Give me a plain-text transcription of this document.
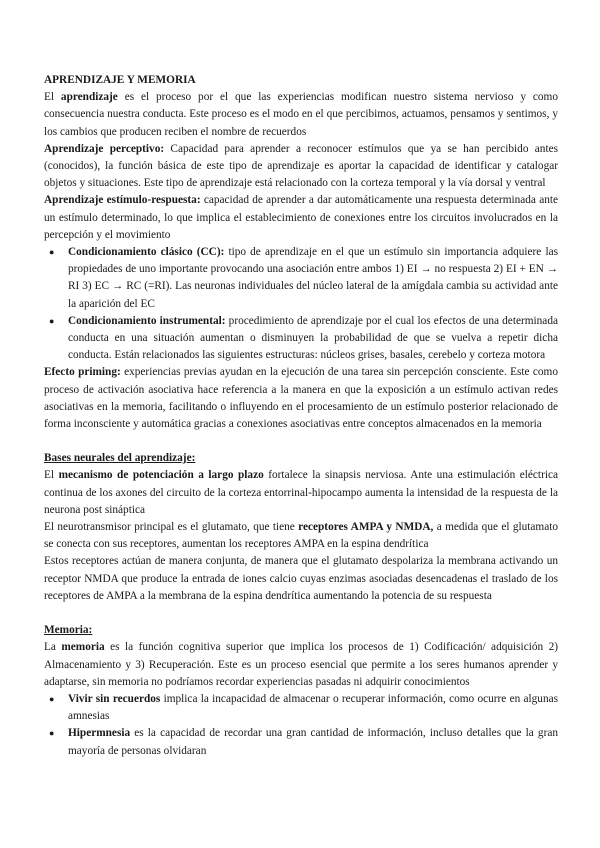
APRENDIZAJE Y MEMORIA

El aprendizaje es el proceso por el que las experiencias modifican nuestro sistema nervioso y como consecuencia nuestra conducta. Este proceso es el modo en el que percibimos, actuamos, pensamos y sentimos, y los cambios que producen reciben el nombre de recuerdos

Aprendizaje perceptivo: Capacidad para aprender a reconocer estímulos que ya se han percibido antes (conocidos), la función básica de este tipo de aprendizaje es aportar la capacidad de identificar y catalogar objetos y situaciones. Este tipo de aprendizaje está relacionado con la corteza temporal y la vía dorsal y ventral

Aprendizaje estímulo-respuesta: capacidad de aprender a dar automáticamente una respuesta determinada ante un estímulo determinado, lo que implica el establecimiento de conexiones entre los circuitos involucrados en la percepción y el movimiento

● Condicionamiento clásico (CC): tipo de aprendizaje en el que un estímulo sin importancia adquiere las propiedades de uno importante provocando una asociación entre ambos 1) EI → no respuesta 2) EI + EN → RI 3) EC → RC (=RI). Las neuronas individuales del núcleo lateral de la amígdala cambia su actividad ante la aparición del EC
● Condicionamiento instrumental: procedimiento de aprendizaje por el cual los efectos de una determinada conducta en una situación aumentan o disminuyen la probabilidad de que se vuelva a repetir dicha conducta. Están relacionados las siguientes estructuras: núcleos grises, basales, cerebelo y corteza motora

Efecto priming: experiencias previas ayudan en la ejecución de una tarea sin percepción consciente. Este como proceso de activación asociativa hace referencia a la manera en que la exposición a un estímulo activan redes asociativas en la memoria, facilitando o influyendo en el procesamiento de un estímulo posterior relacionado de forma inconsciente y automática gracias a conexiones asociativas entre conceptos almacenados en la memoria

Bases neurales del aprendizaje:

El mecanismo de potenciación a largo plazo fortalece la sinapsis nerviosa. Ante una estimulación eléctrica continua de los axones del circuito de la corteza entorrinal-hipocampo aumenta la intensidad de la respuesta de la neurona post sináptica

El neurotransmisor principal es el glutamato, que tiene receptores AMPA y NMDA, a medida que el glutamato se conecta con sus receptores, aumentan los receptores AMPA en la espina dendrítica

Estos receptores actúan de manera conjunta, de manera que el glutamato despolariza la membrana activando un receptor NMDA que produce la entrada de iones calcio cuyas enzimas asociadas desencadenas el traslado de los receptores de AMPA a la membrana de la espina dendrítica aumentando la potencia de su respuesta

Memoria:

La memoria es la función cognitiva superior que implica los procesos de 1) Codificación/ adquisición 2) Almacenamiento y 3) Recuperación. Este es un proceso esencial que permite a los seres humanos aprender y adaptarse, sin memoria no podríamos recordar experiencias pasadas ni adquirir conocimientos

● Vivir sin recuerdos implica la incapacidad de almacenar o recuperar información, como ocurre en algunas amnesias
● Hipermnesia es la capacidad de recordar una gran cantidad de información, incluso detalles que la gran mayoría de personas olvidaran
